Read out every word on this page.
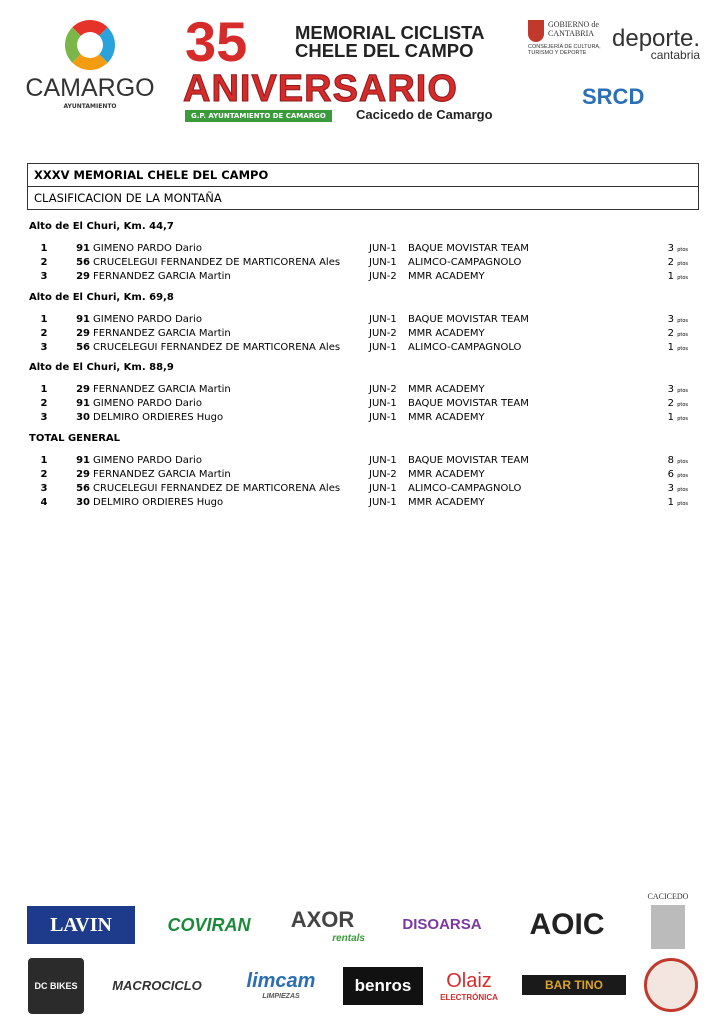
CAMARGO
AYUNTAMIENTO
35	MEMORIAL CICLISTA
CHELE DEL CAMPO
ANIVERSARIO
G.P. AYUNTAMIENTO DE CAMARGO	Cacicedo de Camargo
GOBIERNO de CANTABRIA
CONSEJERÍA DE CULTURA, TURISMO Y DEPORTE
deporte.
cantabria
SRCD
XXXV MEMORIAL CHELE DEL CAMPO
CLASIFICACION DE LA MONTAÑA
Alto de El Churi, Km. 44,7
1	91 GIMENO PARDO Dario	JUN-1 BAQUE MOVISTAR TEAM	3 ptos
2	56 CRUCELEGUI FERNANDEZ DE MARTICORENA Ales	JUN-1 ALIMCO-CAMPAGNOLO	2 ptos
3	29 FERNANDEZ GARCIA Martin	JUN-2 MMR ACADEMY	1 ptos
Alto de El Churi, Km. 69,8
1	91 GIMENO PARDO Dario	JUN-1 BAQUE MOVISTAR TEAM	3 ptos
2	29 FERNANDEZ GARCIA Martin	JUN-2 MMR ACADEMY	2 ptos
3	56 CRUCELEGUI FERNANDEZ DE MARTICORENA Ales	JUN-1 ALIMCO-CAMPAGNOLO	1 ptos
Alto de El Churi, Km. 88,9
1	29 FERNANDEZ GARCIA Martin	JUN-2 MMR ACADEMY	3 ptos
2	91 GIMENO PARDO Dario	JUN-1 BAQUE MOVISTAR TEAM	2 ptos
3	30 DELMIRO ORDIERES Hugo	JUN-1 MMR ACADEMY	1 ptos
TOTAL GENERAL
1	91 GIMENO PARDO Dario	JUN-1 BAQUE MOVISTAR TEAM	8 ptos
2	29 FERNANDEZ GARCIA Martin	JUN-2 MMR ACADEMY	6 ptos
3	56 CRUCELEGUI FERNANDEZ DE MARTICORENA Ales	JUN-1 ALIMCO-CAMPAGNOLO	3 ptos
4	30 DELMIRO ORDIERES Hugo	JUN-1 MMR ACADEMY	1 ptos
LAVIN	COVIRAN	AXOR
rentals
DISOARSA	AOIC
CACICEDO
DC BIKES	MACROCICLO	limcam
LIMPIEZAS
benros	Olaiz
ELECTRÓNICA
BAR TINO
